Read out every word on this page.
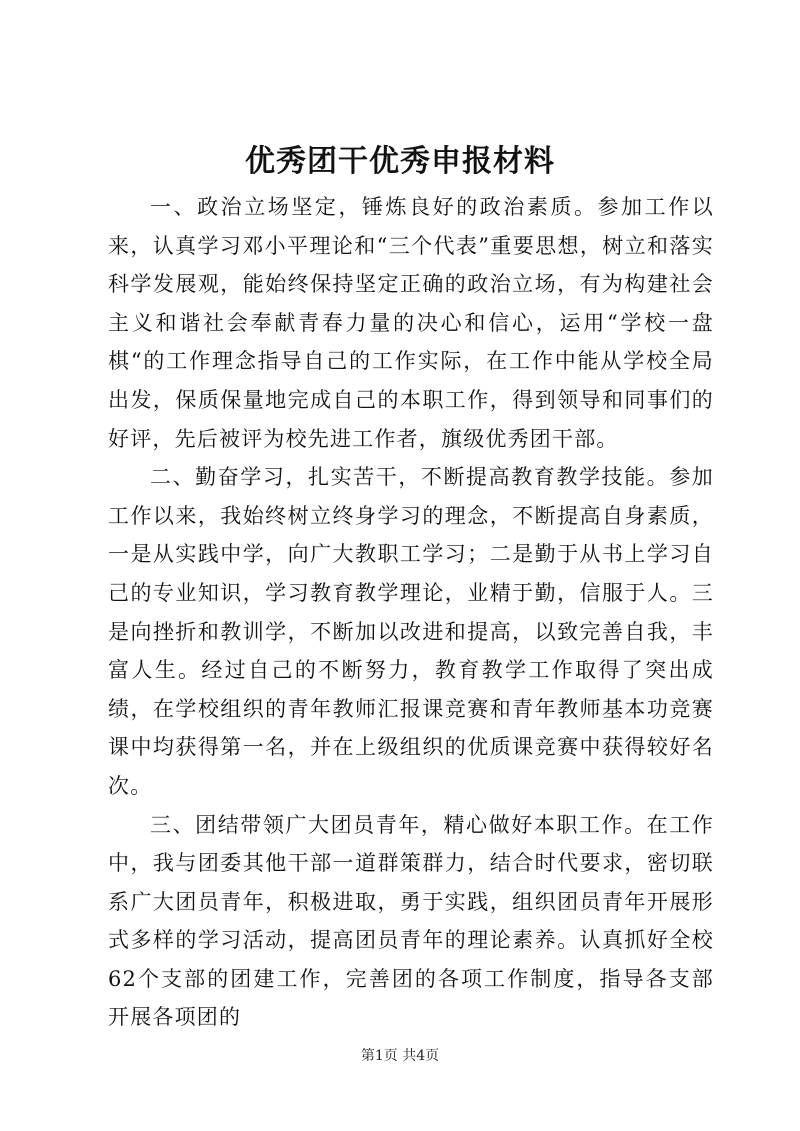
优秀团干优秀申报材料

一、政治立场坚定，锤炼良好的政治素质。参加工作以来，认真学习邓小平理论和“三个代表”重要思想，树立和落实科学发展观，能始终保持坚定正确的政治立场，有为构建社会主义和谐社会奉献青春力量的决心和信心，运用“学校一盘棋“的工作理念指导自己的工作实际，在工作中能从学校全局出发，保质保量地完成自己的本职工作，得到领导和同事们的好评，先后被评为校先进工作者，旗级优秀团干部。

二、勤奋学习，扎实苦干，不断提高教育教学技能。参加工作以来，我始终树立终身学习的理念，不断提高自身素质，一是从实践中学，向广大教职工学习；二是勤于从书上学习自己的专业知识，学习教育教学理论，业精于勤，信服于人。三是向挫折和教训学，不断加以改进和提高，以致完善自我，丰富人生。经过自己的不断努力，教育教学工作取得了突出成绩，在学校组织的青年教师汇报课竞赛和青年教师基本功竞赛课中均获得第一名，并在上级组织的优质课竞赛中获得较好名次。

三、团结带领广大团员青年，精心做好本职工作。在工作中，我与团委其他干部一道群策群力，结合时代要求，密切联系广大团员青年，积极进取，勇于实践，组织团员青年开展形式多样的学习活动，提高团员青年的理论素养。认真抓好全校62个支部的团建工作，完善团的各项工作制度，指导各支部开展各项团的

第1页 共4页
